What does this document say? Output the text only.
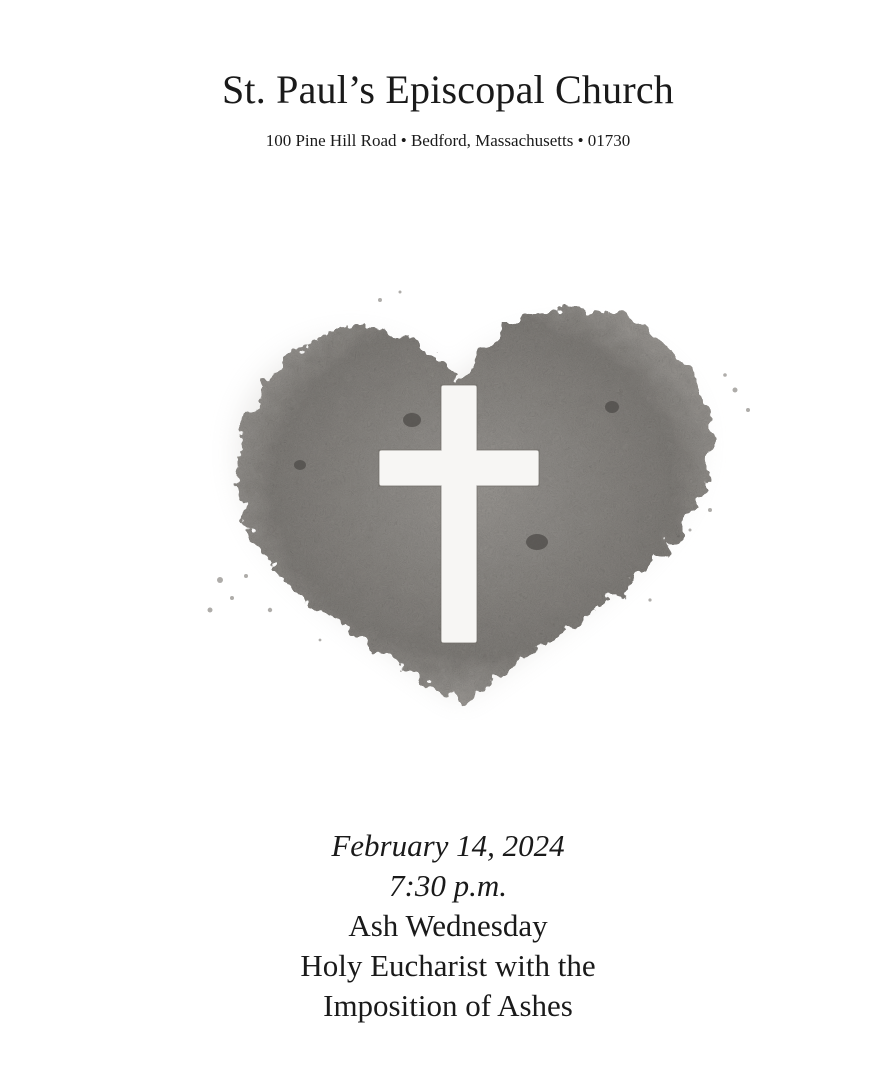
St. Paul’s Episcopal Church
100 Pine Hill Road • Bedford, Massachusetts • 01730
February 14, 2024
7:30 p.m.
Ash Wednesday
Holy Eucharist with the
Imposition of Ashes
